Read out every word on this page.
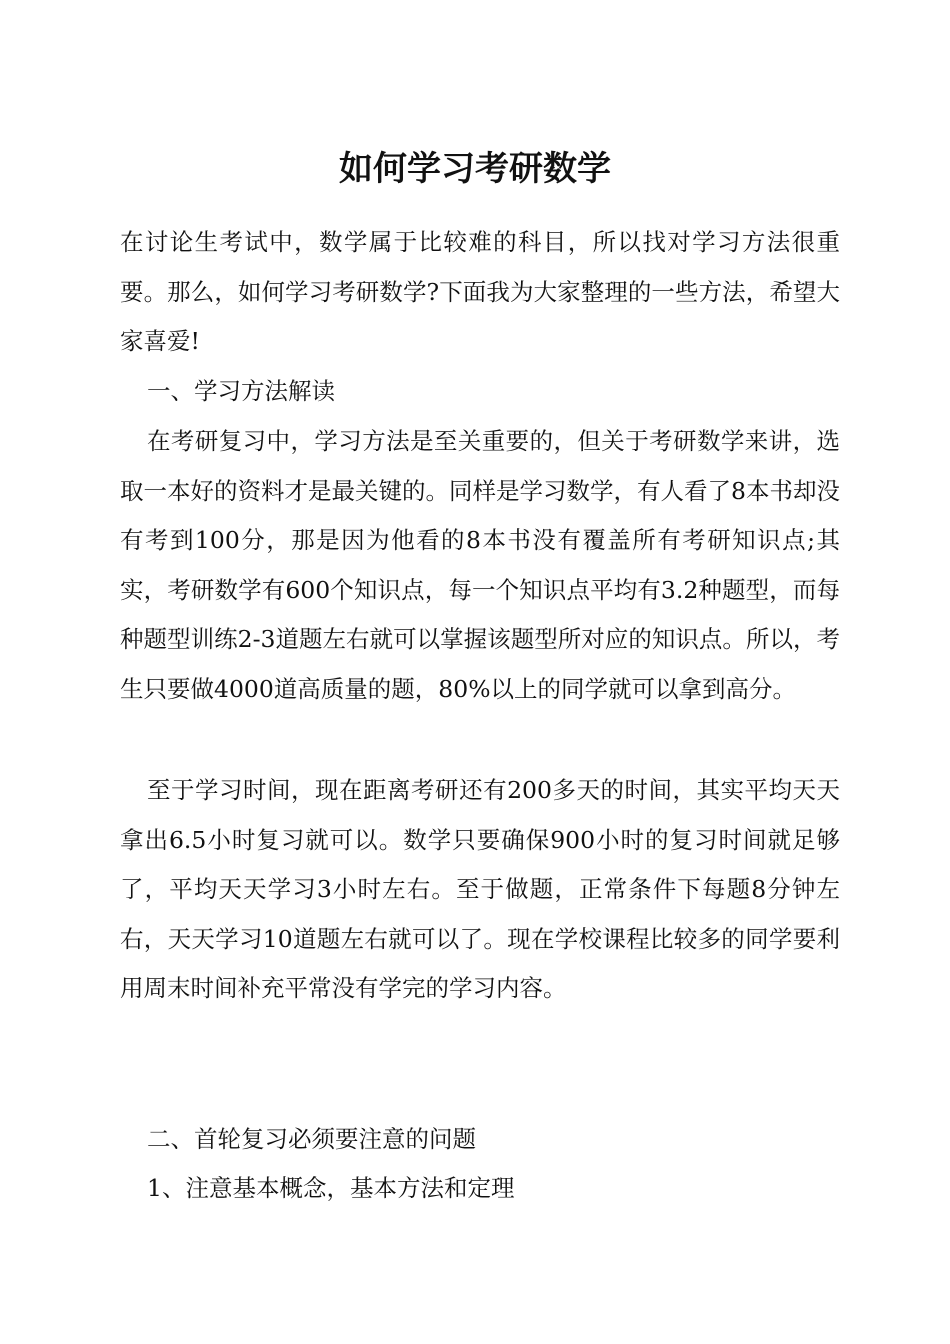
如何学习考研数学

在讨论生考试中，数学属于比较难的科目，所以找对学习方法很重要。那么，如何学习考研数学?下面我为大家整理的一些方法，希望大家喜爱!

一、学习方法解读

在考研复习中，学习方法是至关重要的，但关于考研数学来讲，选取一本好的资料才是最关键的。同样是学习数学，有人看了8本书却没有考到100分，那是因为他看的8本书没有覆盖所有考研知识点;其实，考研数学有600个知识点，每一个知识点平均有3.2种题型，而每种题型训练2-3道题左右就可以掌握该题型所对应的知识点。所以，考生只要做4000道高质量的题，80%以上的同学就可以拿到高分。

至于学习时间，现在距离考研还有200多天的时间，其实平均天天拿出6.5小时复习就可以。数学只要确保900小时的复习时间就足够了，平均天天学习3小时左右。至于做题，正常条件下每题8分钟左右，天天学习10道题左右就可以了。现在学校课程比较多的同学要利用周末时间补充平常没有学完的学习内容。

二、首轮复习必须要注意的问题

1、注意基本概念，基本方法和定理
